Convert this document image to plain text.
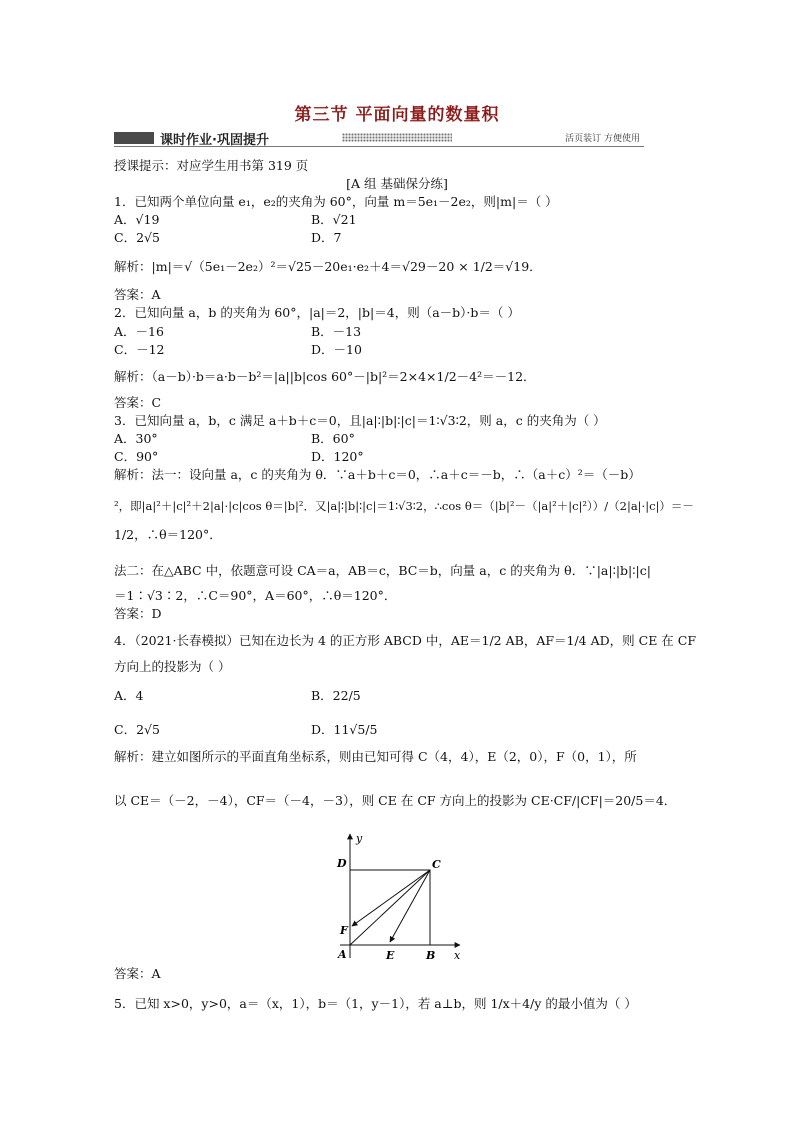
第三节 平面向量的数量积
课时作业·巩固提升	活页装订 方便使用
授课提示：对应学生用书第 319 页
[A 组 基础保分练]
1．已知两个单位向量 e₁，e₂的夹角为 60°，向量 m＝5e₁－2e₂，则|m|＝（ ）
A．√19	B．√21
C．2√5	D．7
解析：|m|＝√（5e₁－2e₂）²＝√25－20e₁·e₂＋4＝√29－20 × 1/2＝√19．
答案：A
2．已知向量 a，b 的夹角为 60°，|a|＝2，|b|＝4，则（a－b）·b＝（ ）
A．－16	B．－13
C．－12	D．－10
解析：（a－b）·b＝a·b－b²＝|a||b|cos 60°－|b|²＝2×4×1/2－4²＝－12．
答案：C
3．已知向量 a，b，c 满足 a＋b＋c＝0，且|a|∶|b|∶|c|＝1∶√3∶2，则 a，c 的夹角为（ ）
A．30°	B．60°
C．90°	D．120°
解析：法一：设向量 a，c 的夹角为 θ．∵a＋b＋c＝0，∴a＋c＝－b，∴（a＋c）²＝（－b）
²，即|a|²＋|c|²＋2|a|·|c|cos θ＝|b|²．又|a|∶|b|∶|c|＝1∶√3∶2，∴cos θ＝（|b|²－（|a|²＋|c|²））/（2|a|·|c|）＝－
1/2，∴θ＝120°．
法二：在△ABC 中，依题意可设 CA＝a，AB＝c，BC＝b，向量 a，c 的夹角为 θ．∵|a|∶|b|∶|c|
＝1∶√3∶2，∴C＝90°，A＝60°，∴θ＝120°．
答案：D
4．（2021·长春模拟）已知在边长为 4 的正方形 ABCD 中，AE＝1/2 AB，AF＝1/4 AD，则 CE 在 CF
方向上的投影为（ ）
A．4	B．22/5
C．2√5	D．11√5/5
解析：建立如图所示的平面直角坐标系，则由已知可得 C（4，4），E（2，0），F（0，1），所
以 CE＝（－2，－4），CF＝（－4，－3），则 CE 在 CF 方向上的投影为 CE·CF/|CF|＝20/5＝4．
x
y
A	B
C
D
E
F
答案：A
5．已知 x>0，y>0，a＝（x，1），b＝（1，y－1），若 a⊥b，则 1/x＋4/y 的最小值为（ ）
